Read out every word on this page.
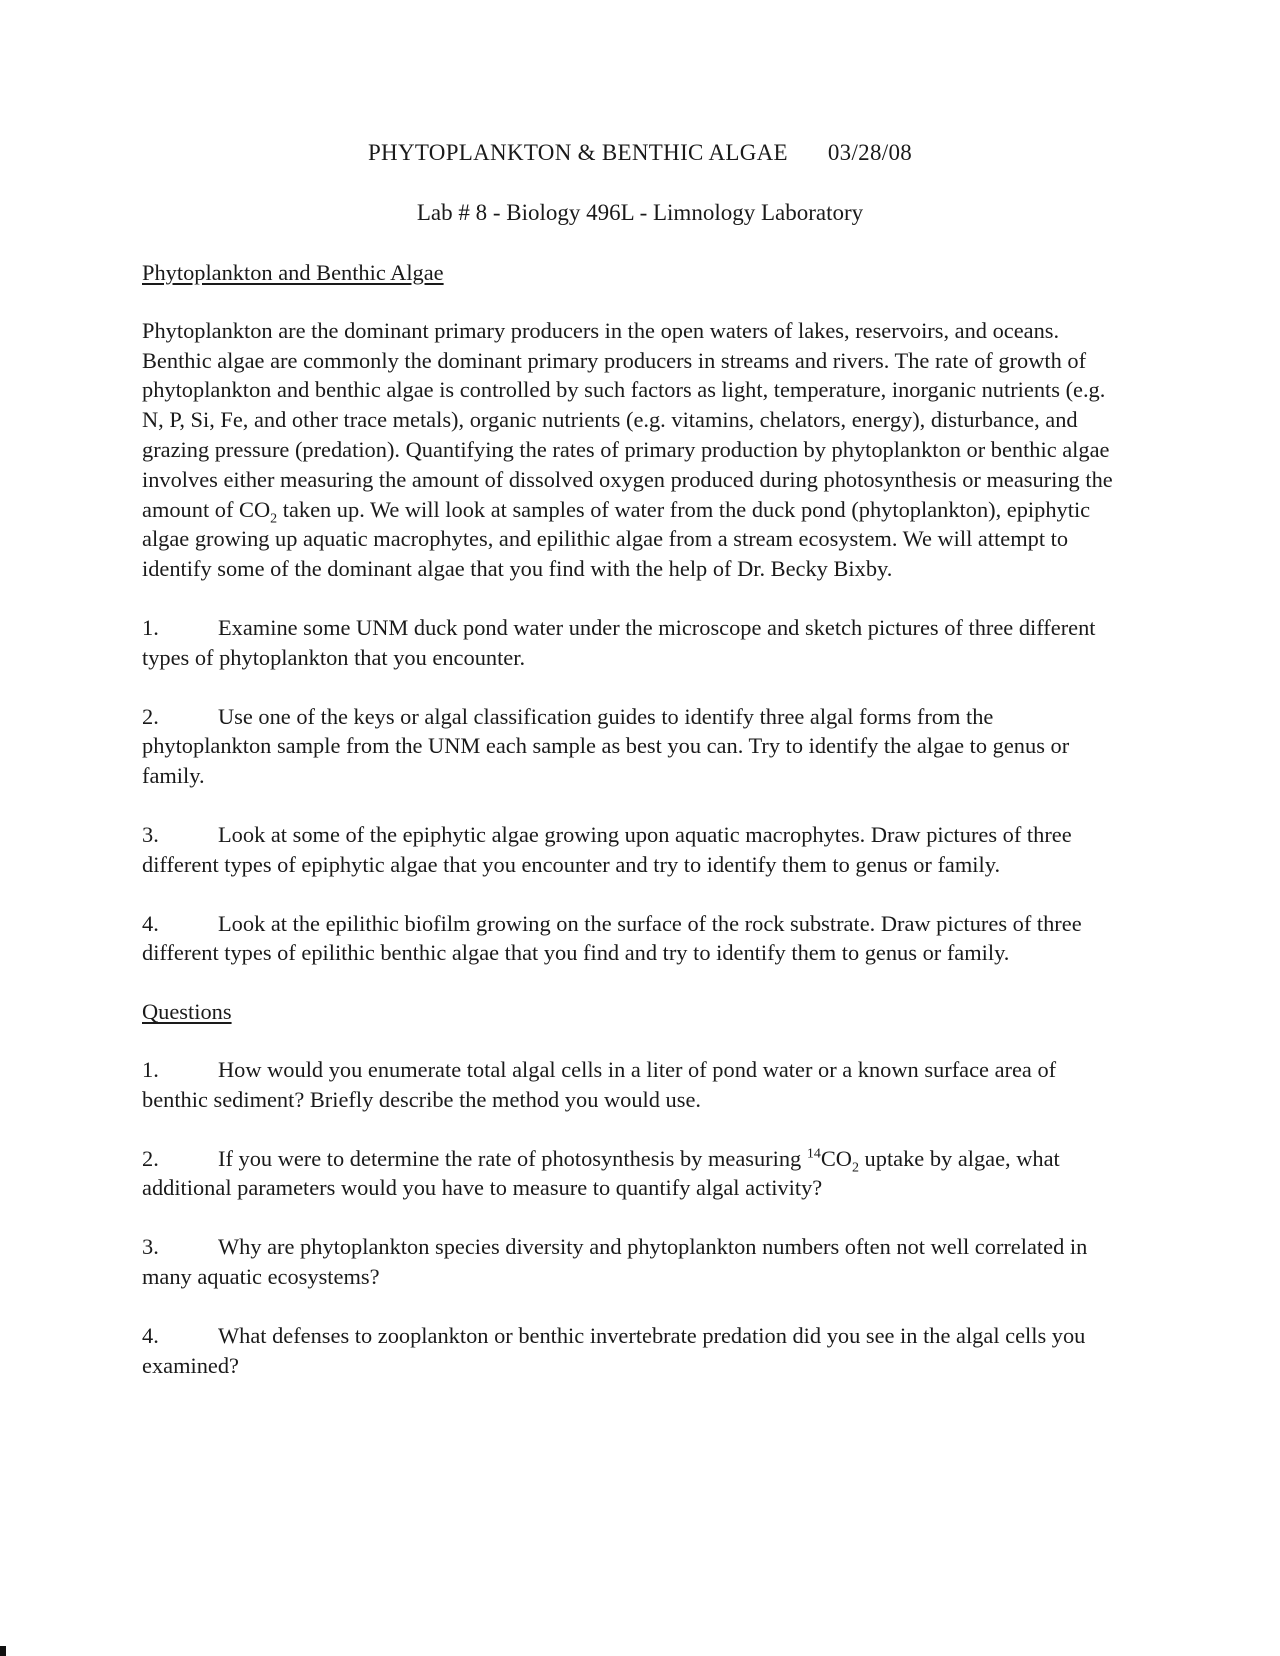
PHYTOPLANKTON & BENTHIC ALGAE 03/28/08
Lab # 8 - Biology 496L - Limnology Laboratory
Phytoplankton and Benthic Algae

Phytoplankton are the dominant primary producers in the open waters of lakes, reservoirs, and oceans. Benthic algae are commonly the dominant primary producers in streams and rivers. The rate of growth of phytoplankton and benthic algae is controlled by such factors as light, temperature, inorganic nutrients (e.g. N, P, Si, Fe, and other trace metals), organic nutrients (e.g. vitamins, chelators, energy), disturbance, and grazing pressure (predation). Quantifying the rates of primary production by phytoplankton or benthic algae involves either measuring the amount of dissolved oxygen produced during photosynthesis or measuring the amount of $CO_2$ taken up. We will look at samples of water from the duck pond (phytoplankton), epiphytic algae growing up aquatic macrophytes, and epilithic algae from a stream ecosystem. We will attempt to identify some of the dominant algae that you find with the help of Dr. Becky Bixby.

1.	Examine some UNM duck pond water under the microscope and sketch pictures of three different types of phytoplankton that you encounter.

2.	Use one of the keys or algal classification guides to identify three algal forms from the phytoplankton sample from the UNM each sample as best you can. Try to identify the algae to genus or family.

3.	Look at some of the epiphytic algae growing upon aquatic macrophytes. Draw pictures of three different types of epiphytic algae that you encounter and try to identify them to genus or family.

4.	Look at the epilithic biofilm growing on the surface of the rock substrate. Draw pictures of three different types of epilithic benthic algae that you find and try to identify them to genus or family.

Questions

1.	How would you enumerate total algal cells in a liter of pond water or a known surface area of benthic sediment? Briefly describe the method you would use.

2.	If you were to determine the rate of photosynthesis by measuring $^{14}CO_2$ uptake by algae, what additional parameters would you have to measure to quantify algal activity?

3.	Why are phytoplankton species diversity and phytoplankton numbers often not well correlated in many aquatic ecosystems?

4.	What defenses to zooplankton or benthic invertebrate predation did you see in the algal cells you examined?
